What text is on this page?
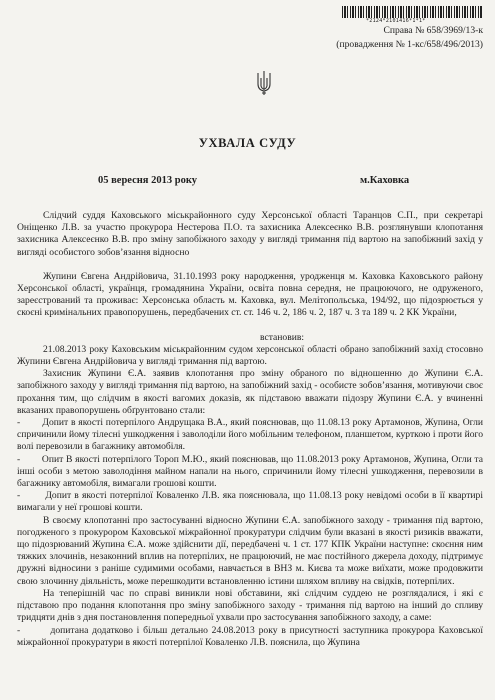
*2124*2101416*1*1*
Справа № 658/3969/13-к
(провадження № 1-кс/658/496/2013)
УХВАЛА СУДУ
05 вересня 2013 року	м.Каховка

Слідчий суддя Каховського міськрайонного суду Херсонської області Таранцов С.П., при секретарі Оніщенко Л.В. за участю прокурора Нестерова П.О. та захисника Алексеєнко В.В. розглянувши клопотання захисника Алексеєнко В.В. про зміну запобіжного заходу у вигляді тримання під вартою на запобіжний захід у вигляді особистого зобов’язання відносно

Жупини Євгена Андрійовича, 31.10.1993 року народження, уродженця м. Каховка Каховського району Херсонської області, українця, громадянина України, освіта повна середня, не працюючого, не одруженого, зареєстрований та проживає: Херсонська область м. Каховка, вул. Мелітопольська, 194/92, що підозрюється у скоєні кримінальних правопорушень, передбачених ст. ст. 146 ч. 2, 186 ч. 2, 187 ч. 3 та 189 ч. 2 КК України,

встановив:

21.08.2013 року Каховським міськрайонним судом херсонської області обрано запобіжний захід стосовно Жупини Євгена Андрійовича у вигляді тримання під вартою.

Захисник Жупини Є.А. заявив клопотання про зміну обраного по відношенню до Жупини Є.А. запобіжного заходу у вигляді тримання під вартою, на запобіжний захід - особисте зобов’язання, мотивуючи своє прохання тим, що слідчим в якості вагомих доказів, як підставою вважати підозру Жупини Є.А. у вчиненні вказаних правопорушень обґрунтовано стали:

-        Допит в якості потерпілого Андрущака В.А., який пояснював, що 11.08.13 року Артамонов, Жупина, Огли спричинили йому тілесні ушкодження і заволоділи його мобільним телефоном, планшетом, курткою і проти його волі перевозили в багажнику автомобіля.

-        Опит В якості потерпілого Тороп М.Ю., який пояснював, що 11.08.2013 року Артамонов, Жупина, Огли та інші особи з метою заволодіння майном напали на нього, спричинили йому тілесні ушкодження, перевозили в багажнику автомобіля, вимагали грошові кошти.

-        Допит в якості потерпілої Коваленко Л.В. яка пояснювала, що 11.08.13 року невідомі особи в її квартирі вимагали у неї грошові кошти.

В своєму клопотанні про застосуванні відносно Жупини Є.А. запобіжного заходу - тримання під вартою, погодженого з прокурором Каховської міжрайонної прокуратури слідчим були вказані в якості ризиків вважати, що підозрюваний Жупина Є.А. може здійснити дії, передбачені ч. 1 ст. 177 КПК України наступне: скоєння ним тяжких злочинів, незаконний вплив на потерпілих, не працюючий, не має постійного джерела доходу, підтримує дружні відносини з раніше судимими особами, навчається в ВНЗ м. Києва та може виїхати, може продовжити свою злочинну діяльність, може перешкодити встановленню істини шляхом впливу на свідків, потерпілих.

На теперішній час по справі виникли нові обставини, які слідчим суддею не розглядалися, і які є підставою про подання клопотання про зміну запобіжного заходу - тримання під вартою на інший до спливу тридцяти днів з дня постановлення попередньої ухвали про застосування запобіжного заходу, а саме:

-        допитана додатково і більш детально 24.08.2013 року в присутності заступника прокурора Каховської міжрайонної прокуратури в якості потерпілої Коваленко Л.В. пояснила, що Жупина
